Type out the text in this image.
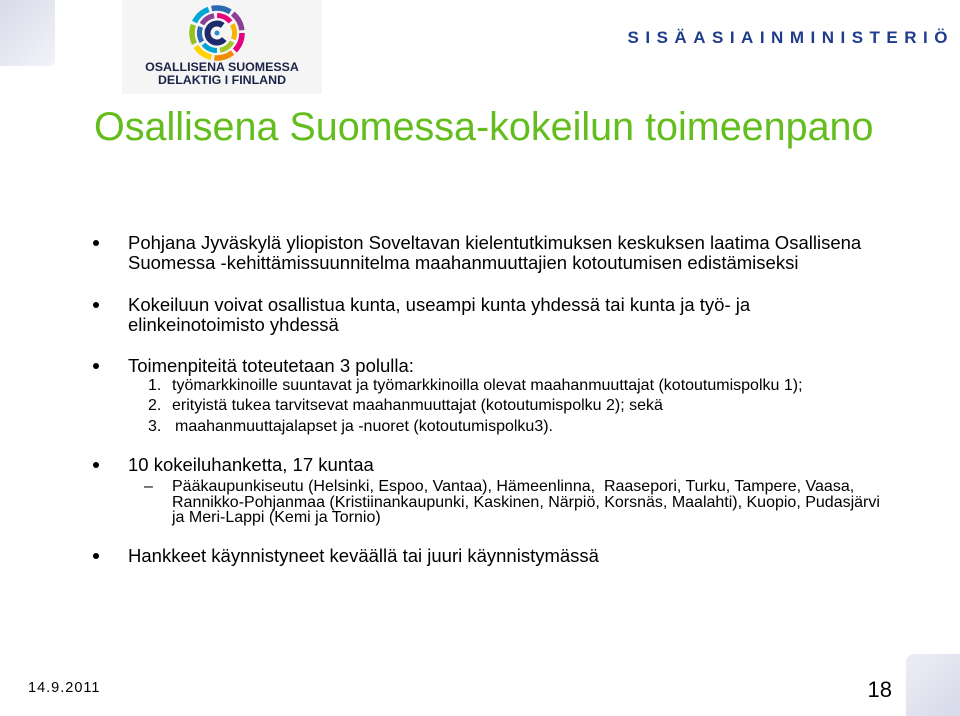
OSALLISENA SUOMESSA
DELAKTIG I FINLAND
SISÄASIAINMINISTERIÖ
Osallisena Suomessa-kokeilun toimeenpano
Pohjana Jyväskylä yliopiston Soveltavan kielentutkimuksen keskuksen laatima Osallisena
Suomessa -kehittämissuunnitelma maahanmuuttajien kotoutumisen edistämiseksi
Kokeiluun voivat osallistua kunta, useampi kunta yhdessä tai kunta ja työ- ja
elinkeinotoimisto yhdessä
Toimenpiteitä toteutetaan 3 polulla:

1.

työmarkkinoille suuntavat ja työmarkkinoilla olevat maahanmuuttajat (kotoutumispolku 1);

2.

erityistä tukea tarvitsevat maahanmuuttajat (kotoutumispolku 2); sekä

3.

maahanmuuttajalapset ja -nuoret (kotoutumispolku3).

10 kokeiluhanketta, 17 kuntaa

–

Pääkaupunkiseutu (Helsinki, Espoo, Vantaa), Hämeenlinna,  Raasepori, Turku, Tampere, Vaasa,
Rannikko-Pohjanmaa (Kristiinankaupunki, Kaskinen, Närpiö, Korsnäs, Maalahti), Kuopio, Pudasjärvi
ja Meri-Lappi (Kemi ja Tornio)

Hankkeet käynnistyneet keväällä tai juuri käynnistymässä
14.9.2011	18
